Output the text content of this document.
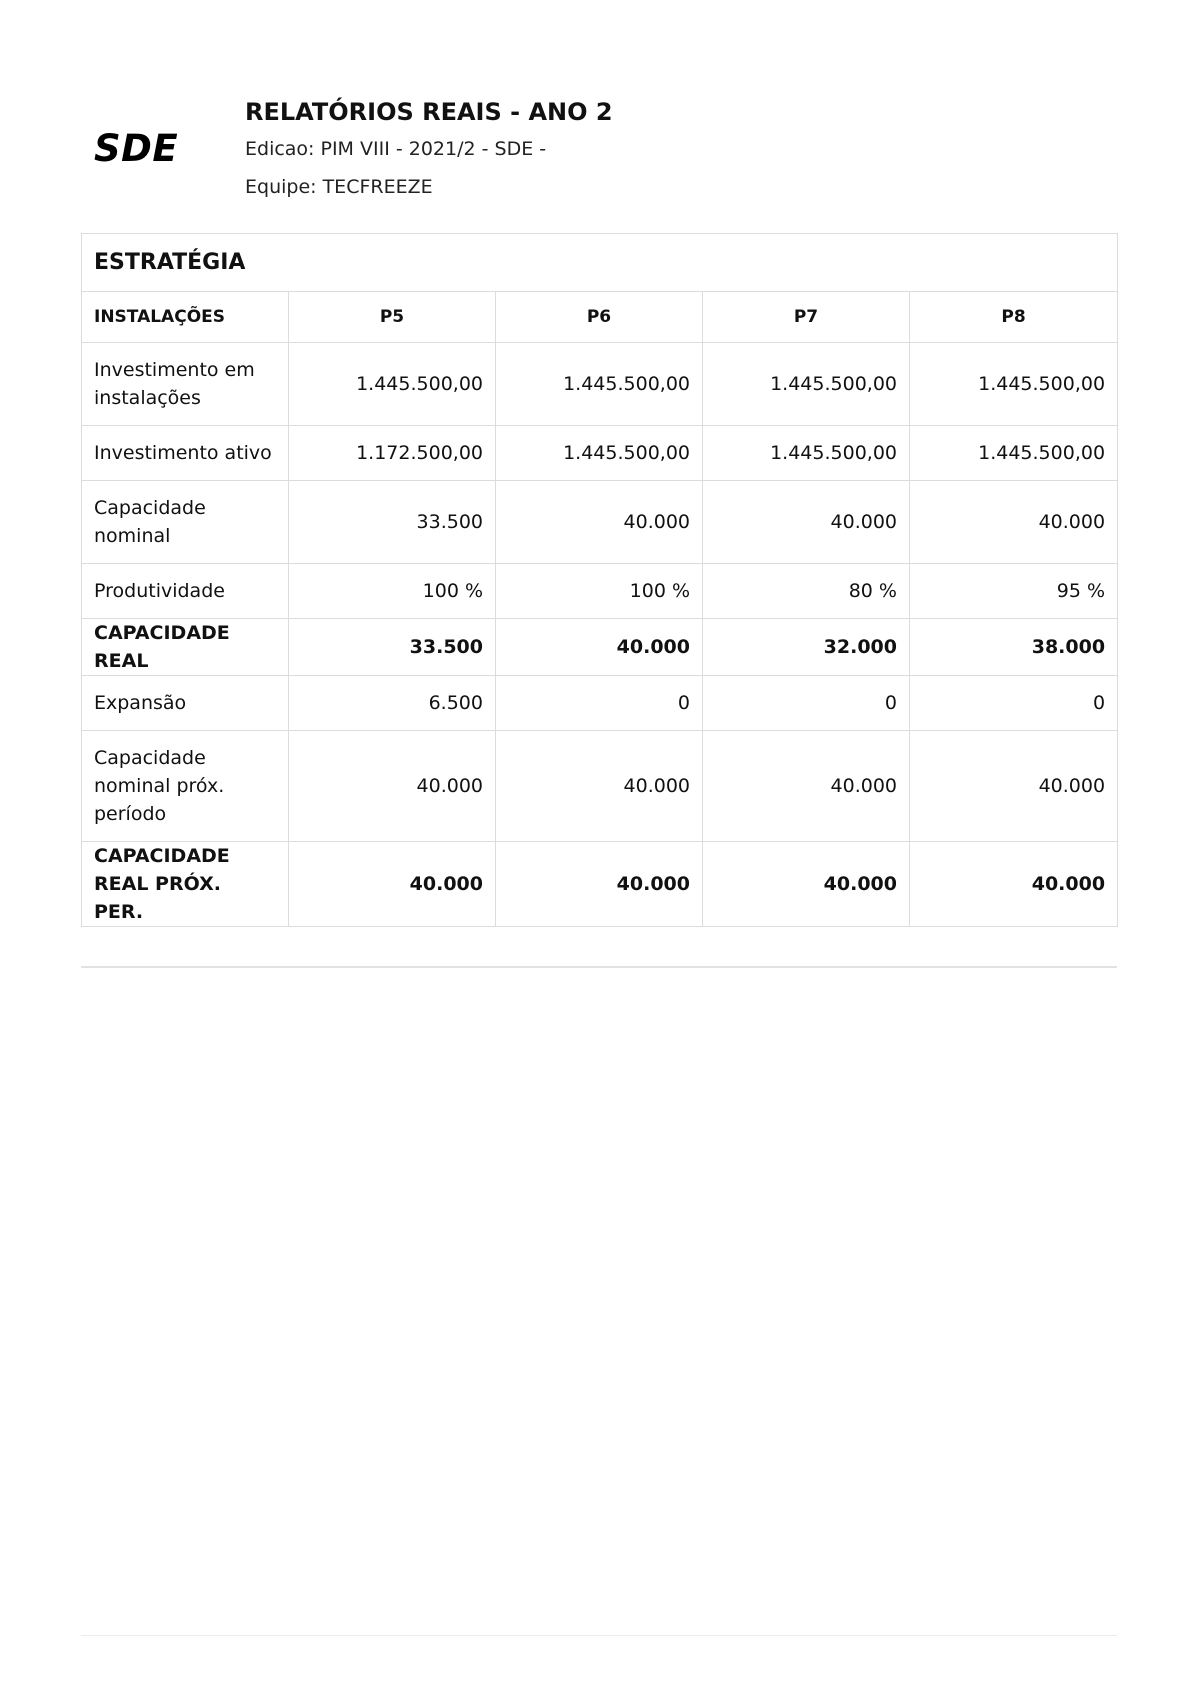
SDE
RELATÓRIOS REAIS - ANO 2
Edicao: PIM VIII - 2021/2 - SDE -
Equipe: TECFREEZE
ESTRATÉGIA				
INSTALAÇÕES	P5	P6	P7	P8
Investimento em instalações	1.445.500,00	1.445.500,00	1.445.500,00	1.445.500,00
Investimento ativo	1.172.500,00	1.445.500,00	1.445.500,00	1.445.500,00
Capacidade nominal	33.500	40.000	40.000	40.000
Produtividade	100 %	100 %	80 %	95 %
CAPACIDADE REAL	33.500	40.000	32.000	38.000
Expansão	6.500	0	0	0
Capacidade nominal próx. período	40.000	40.000	40.000	40.000
CAPACIDADE REAL PRÓX. PER.	40.000	40.000	40.000	40.000
